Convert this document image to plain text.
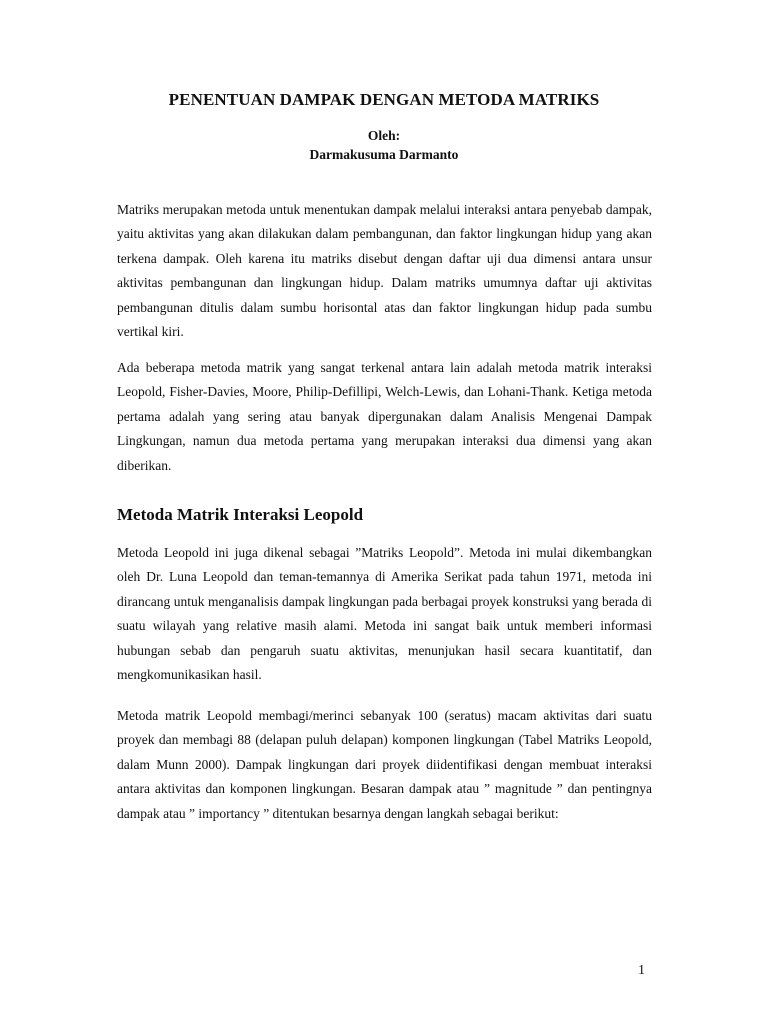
PENENTUAN DAMPAK DENGAN METODA MATRIKS

Oleh:

Darmakusuma Darmanto

Matriks merupakan metoda untuk menentukan dampak melalui interaksi antara penyebab dampak, yaitu aktivitas yang akan dilakukan dalam pembangunan, dan faktor lingkungan hidup yang akan terkena dampak. Oleh karena itu matriks disebut dengan daftar uji dua dimensi antara unsur aktivitas pembangunan dan lingkungan hidup. Dalam matriks umumnya daftar uji aktivitas pembangunan ditulis dalam sumbu horisontal atas dan faktor lingkungan hidup pada sumbu vertikal kiri.

Ada beberapa metoda matrik yang sangat terkenal antara lain adalah metoda matrik interaksi Leopold, Fisher-Davies, Moore, Philip-Defillipi, Welch-Lewis, dan Lohani-Thank. Ketiga metoda pertama adalah yang sering atau banyak dipergunakan dalam Analisis Mengenai Dampak Lingkungan, namun dua metoda pertama yang merupakan interaksi dua dimensi yang akan diberikan.

Metoda Matrik Interaksi Leopold

Metoda Leopold ini juga dikenal sebagai ”Matriks Leopold”. Metoda ini mulai dikembangkan oleh Dr. Luna Leopold dan teman-temannya di Amerika Serikat pada tahun 1971, metoda ini dirancang untuk menganalisis dampak lingkungan pada berbagai proyek konstruksi yang berada di suatu wilayah yang relative masih alami. Metoda ini sangat baik untuk memberi informasi hubungan sebab dan pengaruh suatu aktivitas, menunjukan hasil secara kuantitatif, dan mengkomunikasikan hasil.

Metoda matrik Leopold membagi/merinci sebanyak 100 (seratus) macam aktivitas dari suatu proyek dan membagi 88 (delapan puluh delapan) komponen lingkungan (Tabel Matriks Leopold, dalam Munn 2000). Dampak lingkungan dari proyek diidentifikasi dengan membuat interaksi antara aktivitas dan komponen lingkungan. Besaran dampak atau ” magnitude ” dan pentingnya dampak atau ” importancy ” ditentukan besarnya dengan langkah sebagai berikut:

1
